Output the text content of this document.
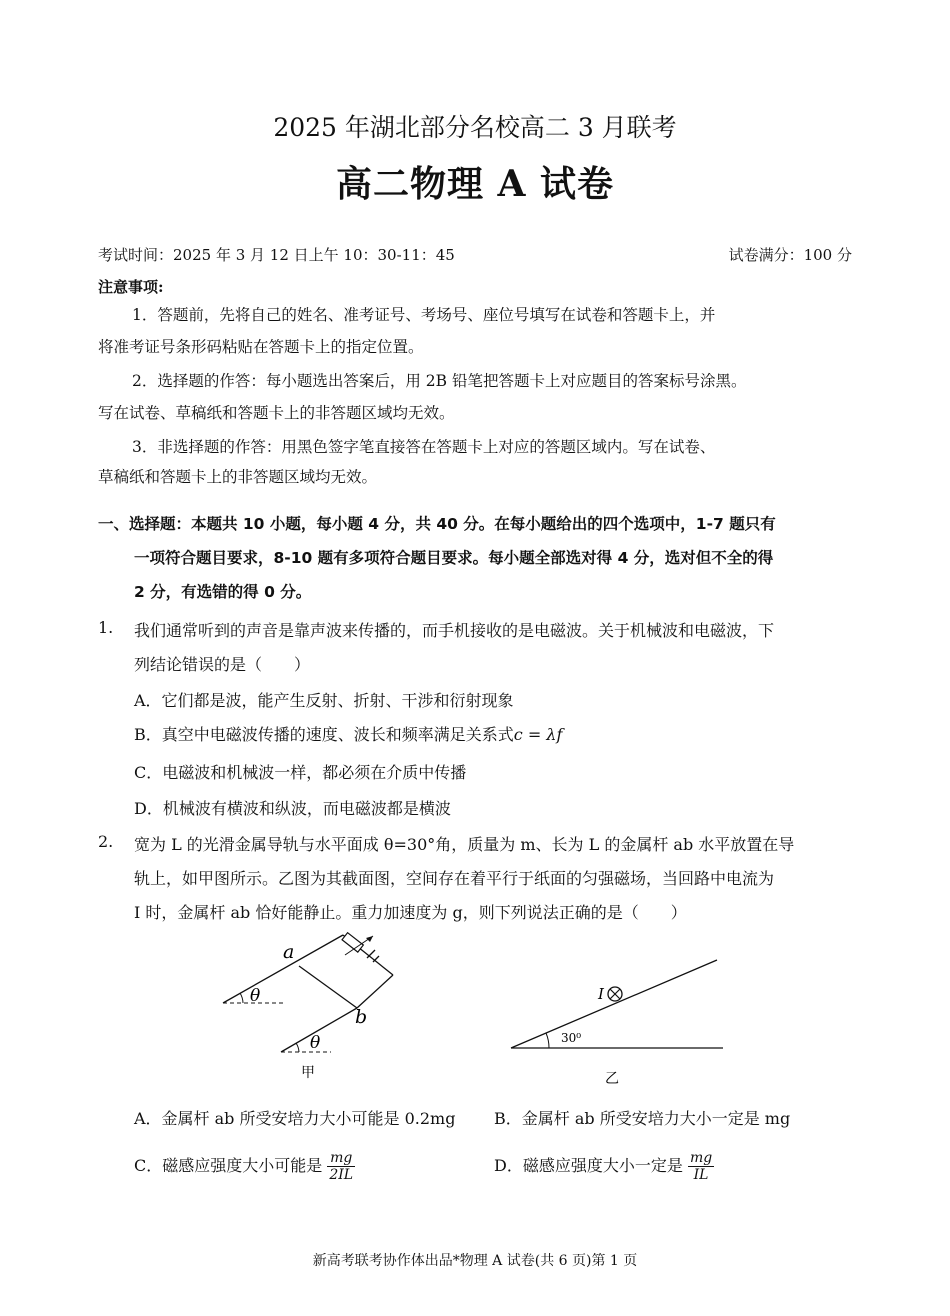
2025 年湖北部分名校高二 3 月联考
高二物理 A 试卷
考试时间：2025 年 3 月 12 日上午 10：30-11：45	试卷满分：100 分
注意事项:
1．答题前，先将自己的姓名、准考证号、考场号、座位号填写在试卷和答题卡上，并
将准考证号条形码粘贴在答题卡上的指定位置。
2．选择题的作答：每小题选出答案后，用 2B 铅笔把答题卡上对应题目的答案标号涂黑。
写在试卷、草稿纸和答题卡上的非答题区域均无效。
3．非选择题的作答：用黑色签字笔直接答在答题卡上对应的答题区域内。写在试卷、
草稿纸和答题卡上的非答题区域均无效。
一、选择题：本题共 10 小题，每小题 4 分，共 40 分。在每小题给出的四个选项中，1-7 题只有
一项符合题目要求，8-10 题有多项符合题目要求。每小题全部选对得 4 分，选对但不全的得
2 分，有选错的得 0 分。
1. 我们通常听到的声音是靠声波来传播的，而手机接收的是电磁波。关于机械波和电磁波，下
列结论错误的是（　　）
A．它们都是波，能产生反射、折射、干涉和衍射现象
B．真空中电磁波传播的速度、波长和频率满足关系式c = λf
C．电磁波和机械波一样，都必须在介质中传播
D．机械波有横波和纵波，而电磁波都是横波
2. 宽为 L 的光滑金属导轨与水平面成 θ=30°角，质量为 m、长为 L 的金属杆 ab 水平放置在导
轨上，如甲图所示。乙图为其截面图，空间存在着平行于纸面的匀强磁场，当回路中电流为
I 时，金属杆 ab 恰好能静止。重力加速度为 g，则下列说法正确的是（　　）
a
b
θ
θ
甲
I
30⁰
乙
A．金属杆 ab 所受安培力大小可能是 0.2mg B．金属杆 ab 所受安培力大小一定是 mg
C．磁感应强度大小可能是 $\frac{mg}{2IL}$	D．磁感应强度大小一定是 $\frac{mg}{IL}$
新高考联考协作体出品*物理 A 试卷(共 6 页)第 1 页
